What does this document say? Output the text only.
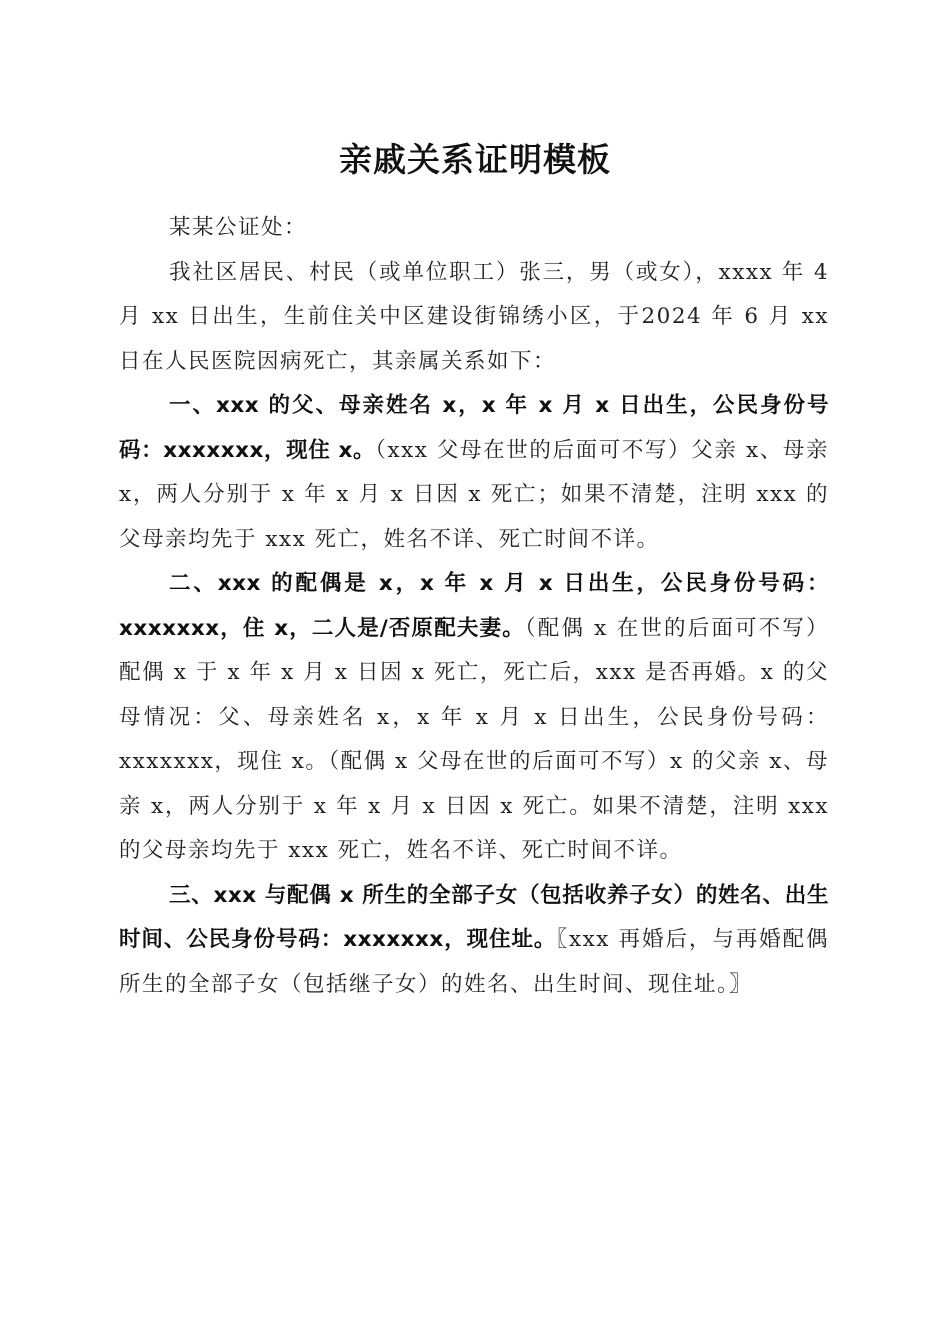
亲戚关系证明模板

某某公证处：

我社区居民、村民（或单位职工）张三，男（或女），xxxx 年 4 月 xx 日出生，生前住关中区建设街锦绣小区，于2024 年 6 月 xx 日在人民医院因病死亡，其亲属关系如下：

一、xxx 的父、母亲姓名 x，x 年 x 月 x 日出生，公民身份号码：xxxxxxx，现住 x。（xxx 父母在世的后面可不写）父亲 x、母亲 x，两人分别于 x 年 x 月 x 日因 x 死亡；如果不清楚，注明 xxx 的父母亲均先于 xxx 死亡，姓名不详、死亡时间不详。

二、xxx 的配偶是 x，x 年 x 月 x 日出生，公民身份号码：xxxxxxx，住 x，二人是/否原配夫妻。（配偶 x 在世的后面可不写）配偶 x 于 x 年 x 月 x 日因 x 死亡，死亡后，xxx 是否再婚。x 的父母情况：父、母亲姓名 x，x 年 x 月 x 日出生，公民身份号码：xxxxxxx，现住 x。（配偶 x 父母在世的后面可不写）x 的父亲 x、母亲 x，两人分别于 x 年 x 月 x 日因 x 死亡。如果不清楚，注明 xxx 的父母亲均先于 xxx 死亡，姓名不详、死亡时间不详。

三、xxx 与配偶 x 所生的全部子女（包括收养子女）的姓名、出生时间、公民身份号码：xxxxxxx，现住址。〖xxx 再婚后，与再婚配偶所生的全部子女（包括继子女）的姓名、出生时间、现住址。〗
